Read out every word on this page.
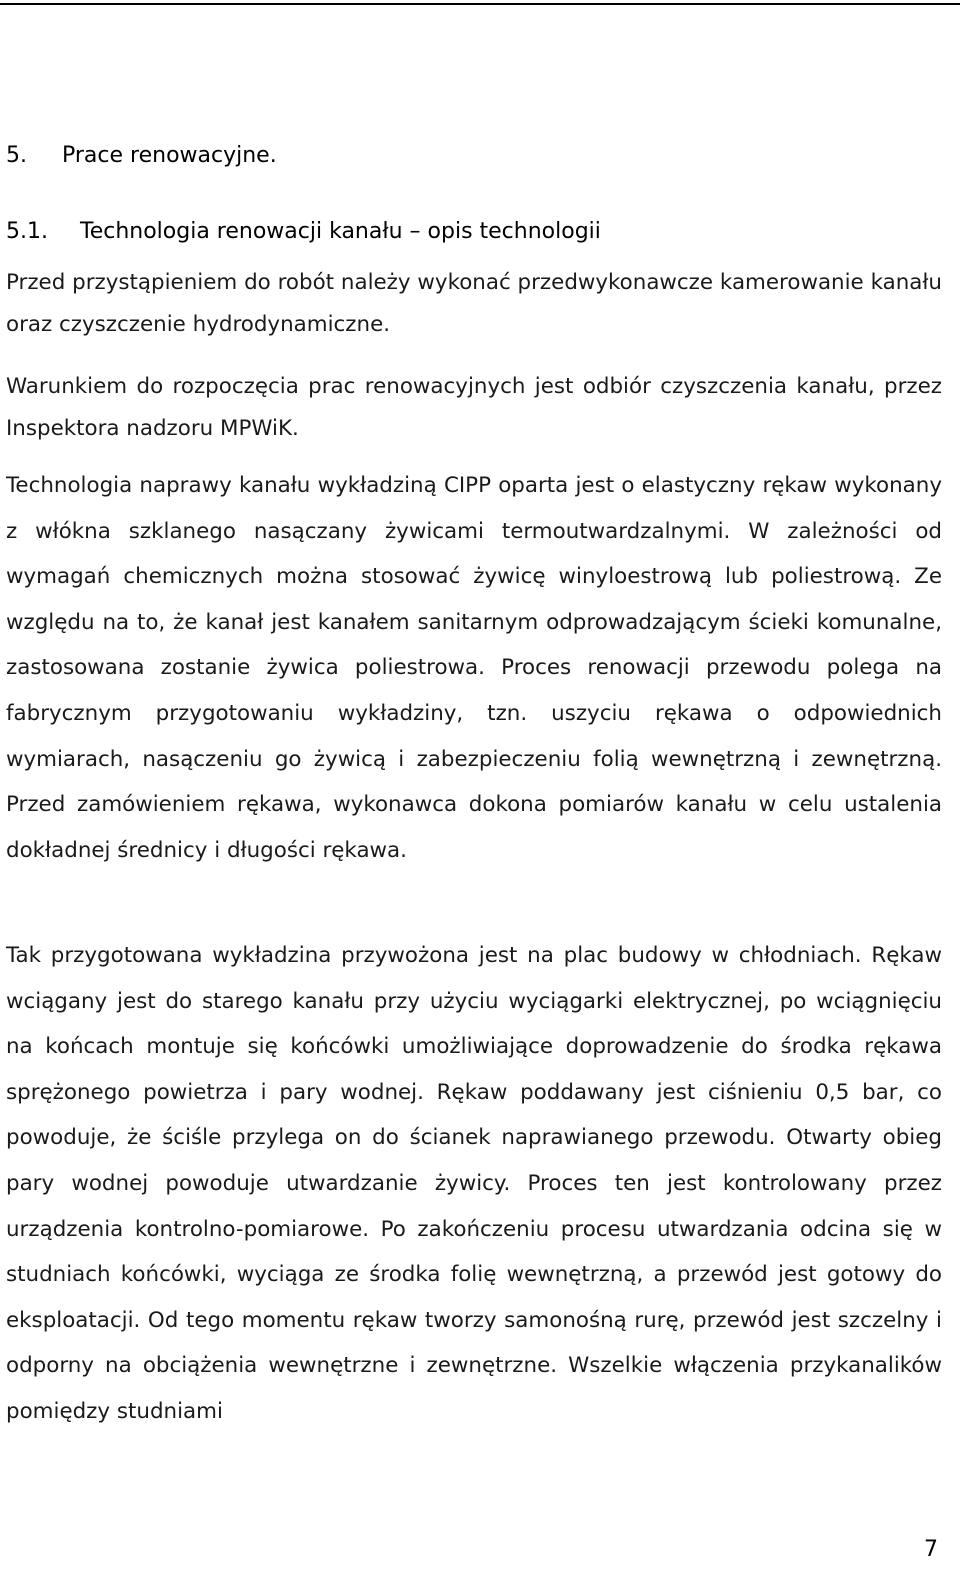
5. Prace renowacyjne.
5.1. Technologia renowacji kanału – opis technologii

Przed przystąpieniem do robót należy wykonać przedwykonawcze kamerowanie kanału oraz czyszczenie hydrodynamiczne.

Warunkiem do rozpoczęcia prac renowacyjnych jest odbiór czyszczenia kanału, przez Inspektora nadzoru MPWiK.

Technologia naprawy kanału wykładziną CIPP oparta jest o elastyczny rękaw wykonany z włókna szklanego nasączany żywicami termoutwardzalnymi. W zależności od wymagań chemicznych można stosować żywicę winyloestrową lub poliestrową. Ze względu na to, że kanał jest kanałem sanitarnym odprowadzającym ścieki komunalne, zastosowana zostanie żywica poliestrowa. Proces renowacji przewodu polega na fabrycznym przygotowaniu wykładziny, tzn. uszyciu rękawa o odpowiednich wymiarach, nasączeniu go żywicą i zabezpieczeniu folią wewnętrzną i zewnętrzną. Przed zamówieniem rękawa, wykonawca dokona pomiarów kanału w celu ustalenia dokładnej średnicy i długości rękawa.

Tak przygotowana wykładzina przywożona jest na plac budowy w chłodniach. Rękaw wciągany jest do starego kanału przy użyciu wyciągarki elektrycznej, po wciągnięciu na końcach montuje się końcówki umożliwiające doprowadzenie do środka rękawa sprężonego powietrza i pary wodnej. Rękaw poddawany jest ciśnieniu 0,5 bar, co powoduje, że ściśle przylega on do ścianek naprawianego przewodu. Otwarty obieg pary wodnej powoduje utwardzanie żywicy. Proces ten jest kontrolowany przez urządzenia kontrolno-pomiarowe. Po zakończeniu procesu utwardzania odcina się w studniach końcówki, wyciąga ze środka folię wewnętrzną, a przewód jest gotowy do eksploatacji. Od tego momentu rękaw tworzy samonośną rurę, przewód jest szczelny i odporny na obciążenia wewnętrzne i zewnętrzne. Wszelkie włączenia przykanalików pomiędzy studniami

7
